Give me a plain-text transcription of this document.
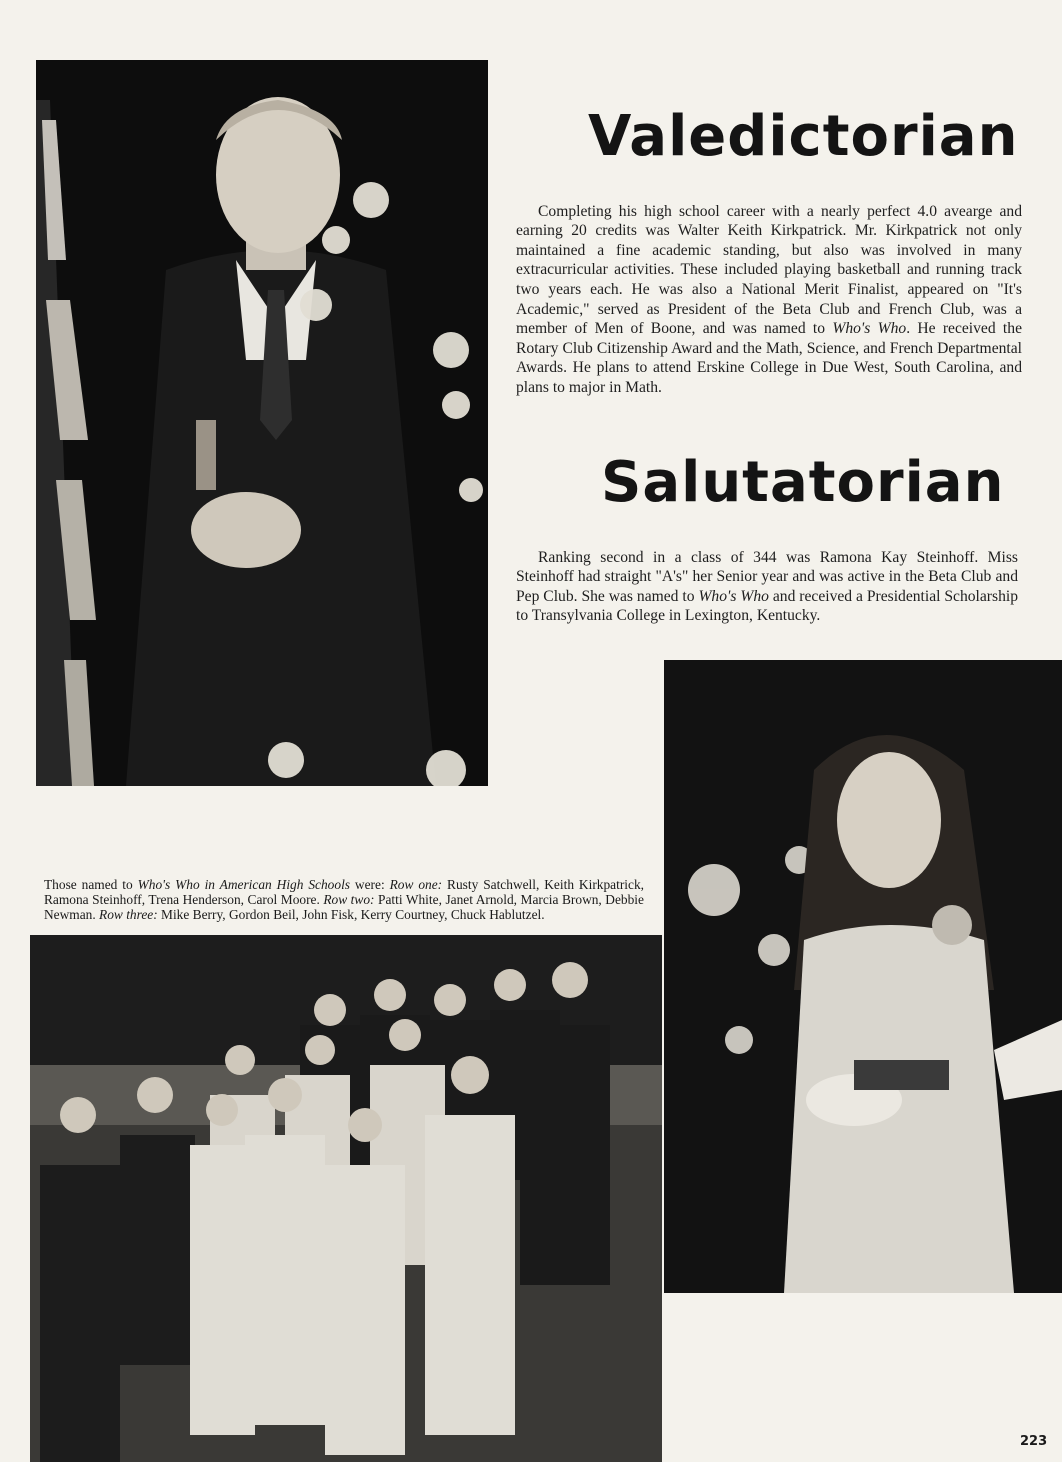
Valedictorian

Completing his high school career with a nearly perfect 4.0 avearge and earning 20 credits was Walter Keith Kirkpatrick. Mr. Kirkpatrick not only maintained a fine academic standing, but also was involved in many extracurricular activities. These included playing basketball and running track two years each. He was also a National Merit Finalist, appeared on "It's Academic," served as President of the Beta Club and French Club, was a member of Men of Boone, and was named to Who's Who. He received the Rotary Club Citizenship Award and the Math, Science, and French Departmental Awards. He plans to attend Erskine College in Due West, South Carolina, and plans to major in Math.

Salutatorian

Ranking second in a class of 344 was Ramona Kay Steinhoff. Miss Steinhoff had straight "A's" her Senior year and was active in the Beta Club and Pep Club. She was named to Who's Who and received a Presidential Scholarship to Transylvania College in Lexington, Kentucky.

Those named to Who's Who in American High Schools were: Row one: Rusty Satchwell, Keith Kirkpatrick, Ramona Steinhoff, Trena Henderson, Carol Moore. Row two: Patti White, Janet Arnold, Marcia Brown, Debbie Newman. Row three: Mike Berry, Gordon Beil, John Fisk, Kerry Courtney, Chuck Hablutzel.

223
